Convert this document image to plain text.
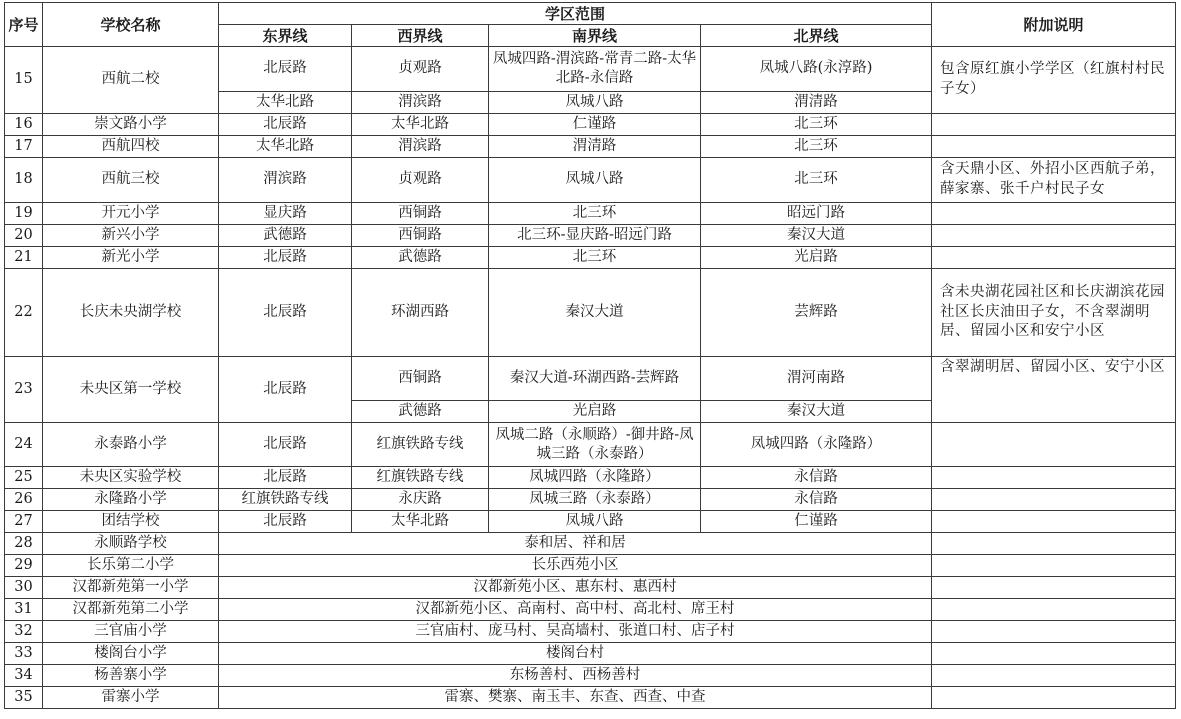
序号	学校名称	学区范围				附加说明
		东界线	西界线	南界线	北界线	
15	西航二校	北辰路	贞观路	凤城四路-渭滨路-常青二路-太华北路-永信路	凤城八路(永淳路)	包含原红旗小学学区（红旗村村民子女）
		太华北路	渭滨路	凤城八路	渭清路	
16	崇文路小学	北辰路	太华北路	仁谨路	北三环	
17	西航四校	太华北路	渭滨路	渭清路	北三环	
18	西航三校	渭滨路	贞观路	凤城八路	北三环	含天鼎小区、外招小区西航子弟，薛家寨、张千户村民子女
19	开元小学	显庆路	西铜路	北三环	昭远门路	
20	新兴小学	武德路	西铜路	北三环-显庆路-昭远门路	秦汉大道	
21	新光小学	北辰路	武德路	北三环	光启路	
22	长庆未央湖学校	北辰路	环湖西路	秦汉大道	芸辉路	含未央湖花园社区和长庆湖滨花园社区长庆油田子女，不含翠湖明居、留园小区和安宁小区
23	未央区第一学校	北辰路	西铜路	秦汉大道-环湖西路-芸辉路	渭河南路	含翠湖明居、留园小区、安宁小区
			武德路	光启路	秦汉大道	
24	永泰路小学	北辰路	红旗铁路专线	凤城二路（永顺路）-御井路-凤城三路（永泰路）	凤城四路（永隆路）	
25	未央区实验学校	北辰路	红旗铁路专线	凤城四路（永隆路）	永信路	
26	永隆路小学	红旗铁路专线	永庆路	凤城三路（永泰路）	永信路	
27	团结学校	北辰路	太华北路	凤城八路	仁谨路	
28	永顺路学校	泰和居、祥和居				
29	长乐第二小学	长乐西苑小区				
30	汉都新苑第一小学	汉都新苑小区、惠东村、惠西村				
31	汉都新苑第二小学	汉都新苑小区、高南村、高中村、高北村、席王村				
32	三官庙小学	三官庙村、庞马村、吴高墙村、张道口村、店子村				
33	楼阁台小学	楼阁台村				
34	杨善寨小学	东杨善村、西杨善村				
35	雷寨小学	雷寨、樊寨、南玉丰、东查、西查、中查				
